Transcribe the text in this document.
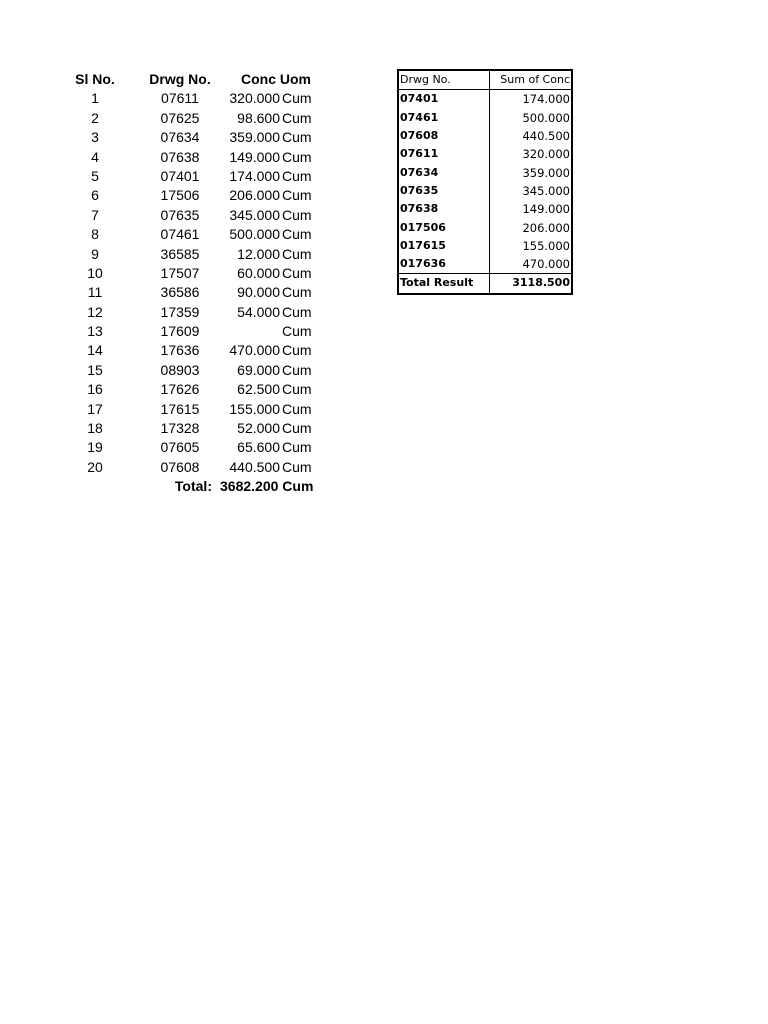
Sl No.	Drwg No.	Conc Uom
1	07611	320.000 Cum
2	07625	98.600 Cum
3	07634	359.000 Cum
4	07638	149.000 Cum
5	07401	174.000 Cum
6	17506	206.000 Cum
7	07635	345.000 Cum
8	07461	500.000 Cum
9	36585	12.000 Cum
10	17507	60.000 Cum
11	36586	90.000 Cum
12	17359	54.000 Cum
13	17609	Cum
14	17636	470.000 Cum
15	08903	69.000 Cum
16	17626	62.500 Cum
17	17615	155.000 Cum
18	17328	52.000 Cum
19	07605	65.600 Cum
20	07608	440.500 Cum
Total: 3682.200 Cum
Drwg No.	Sum of Conc
07401	174.000
07461	500.000
07608	440.500
07611	320.000
07634	359.000
07635	345.000
07638	149.000
017506	206.000
017615	155.000
017636	470.000
Total Result	3118.500
